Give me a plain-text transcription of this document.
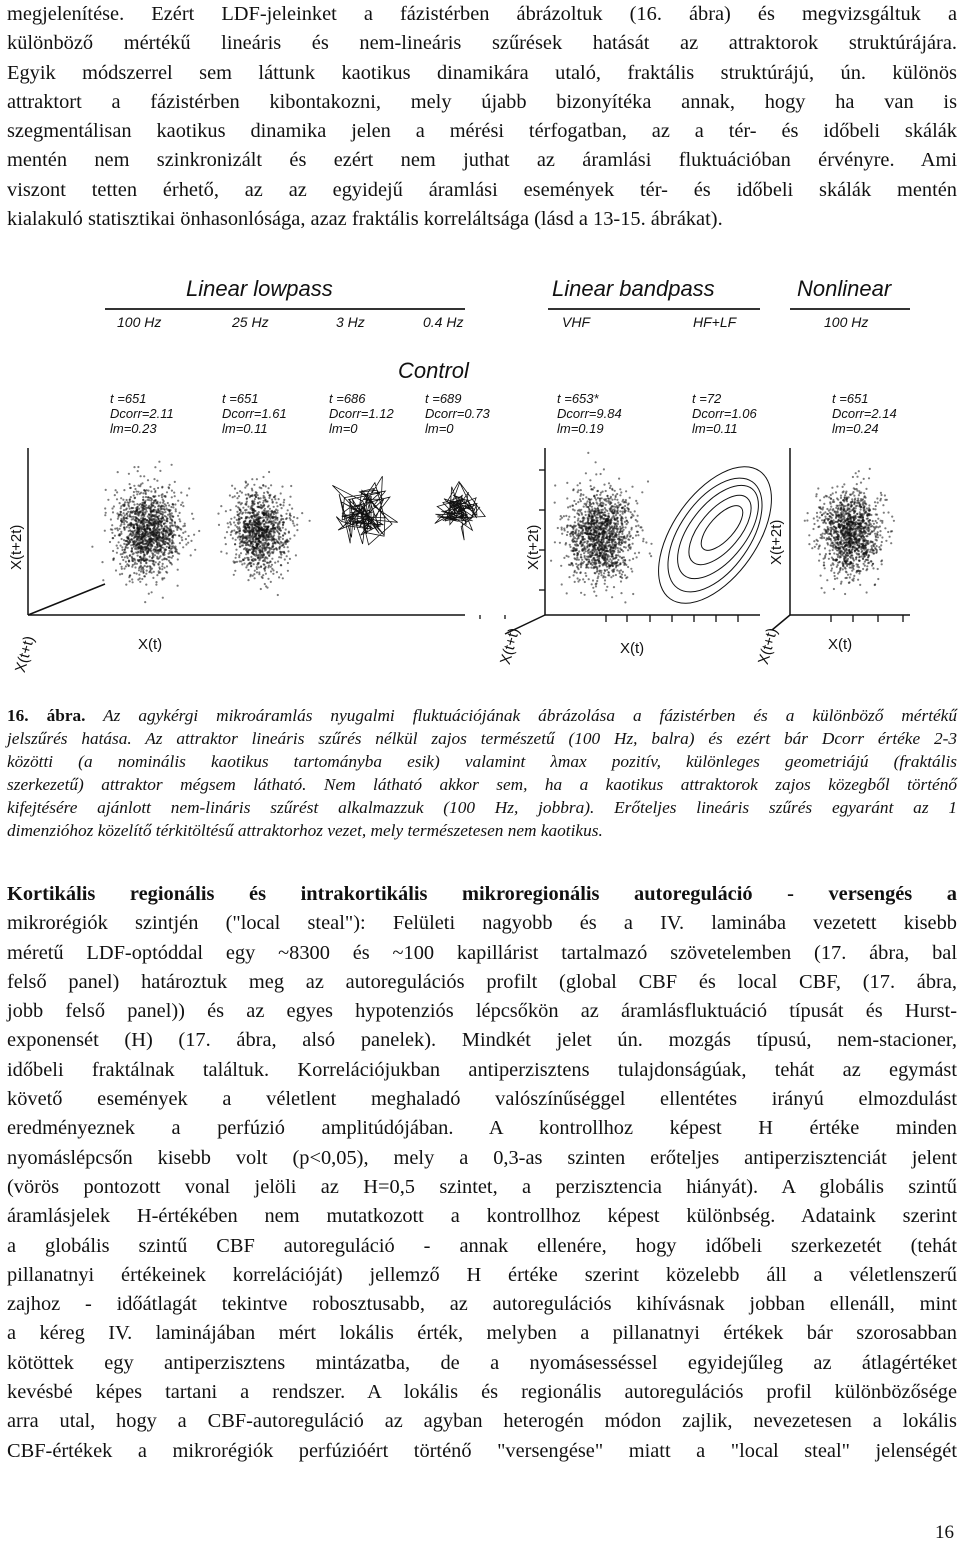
megjelenítése. Ezért LDF-jeleinket a fázistérben ábrázoltuk (16. ábra) és megvizsgáltuk a
különböző mértékű lineáris és nem-lineáris szűrések hatását az attraktorok struktúrájára.
Egyik módszerrel sem láttunk kaotikus dinamikára utaló, fraktális struktúrájú, ún. különös
attraktort a fázistérben kibontakozni, mely újabb bizonyítéka annak, hogy ha van is
szegmentálisan kaotikus dinamika jelen a mérési térfogatban, az a tér- és időbeli skálák
mentén nem szinkronizált és ezért nem juthat az áramlási fluktuációban érvényre. Ami
viszont tetten érhető, az az egyidejű áramlási események tér- és időbeli skálák mentén
kialakuló statisztikai önhasonlósága, azaz fraktális korreláltsága (lásd a 13-15. ábrákat).
Linear lowpass	Linear bandpass	Nonlinear
Control
100 Hz	25 Hz	3 Hz	0.4 Hz	VHF	HF+LF	100 Hz
t =651
Dcorr=2.11
lm=0.23
t =651
Dcorr=1.61
lm=0.11
t =686
Dcorr=1.12
lm=0
t =689
Dcorr=0.73
lm=0
t =653*
Dcorr=9.84
lm=0.19
t =72
Dcorr=1.06
lm=0.11
t =651
Dcorr=2.14
lm=0.24
X(t+2t)
X(t)
X(t+t)
X(t+2t)
X(t)
X(t+t)
X(t+2t)
X(t)
X(t+t)
16. ábra. Az agykérgi mikroáramlás nyugalmi fluktuációjának ábrázolása a fázistérben és a különböző mértékű
jelszűrés hatása. Az attraktor lineáris szűrés nélkül zajos természetű (100 Hz, balra) és ezért bár Dcorr értéke 2-3
közötti (a nominális kaotikus tartományba esik) valamint λmax pozitív, különleges geometriájú (fraktális
szerkezetű) attraktor mégsem látható. Nem látható akkor sem, ha a kaotikus attraktorok zajos közegből történő
kifejtésére ajánlott nem-lináris szűrést alkalmazzuk (100 Hz, jobbra). Erőteljes lineáris szűrés egyaránt az 1
dimenzióhoz közelítő térkitöltésű attraktorhoz vezet, mely természetesen nem kaotikus.
Kortikális regionális és intrakortikális mikroregionális autoreguláció - versengés a
mikrorégiók szintjén ("local steal"): Felületi nagyobb és a IV. laminába vezetett kisebb
méretű LDF-optóddal egy ~8300 és ~100 kapillárist tartalmazó szövetelemben (17. ábra, bal
felső panel) határoztuk meg az autoregulációs profilt (global CBF és local CBF, (17. ábra,
jobb felső panel)) és az egyes hypotenziós lépcsőkön az áramlásfluktuáció típusát és Hurst-
exponensét (H) (17. ábra, alsó panelek). Mindkét jelet ún. mozgás típusú, nem-stacioner,
időbeli fraktálnak találtuk. Korrelációjukban antiperzisztens tulajdonságúak, tehát az egymást
követő események a véletlent meghaladó valószínűséggel ellentétes irányú elmozdulást
eredményeznek a perfúzió amplitúdójában. A kontrollhoz képest H értéke minden
nyomáslépcsőn kisebb volt (p<0,05), mely a 0,3-as szinten erőteljes antiperzisztenciát jelent
(vörös pontozott vonal jelöli az H=0,5 szintet, a perzisztencia hiányát). A globális szintű
áramlásjelek H-értékében nem mutatkozott a kontrollhoz képest különbség. Adataink szerint
a globális szintű CBF autoreguláció - annak ellenére, hogy időbeli szerkezetét (tehát
pillanatnyi értékeinek korrelációját) jellemző H értéke szerint közelebb áll a véletlenszerű
zajhoz - időátlagát tekintve robosztusabb, az autoregulációs kihívásnak jobban ellenáll, mint
a kéreg IV. laminájában mért lokális érték, melyben a pillanatnyi értékek bár szorosabban
kötöttek egy antiperzisztens mintázatba, de a nyomásesséssel egyidejűleg az átlagértéket
kevésbé képes tartani a rendszer. A lokális és regionális autoregulációs profil különbözősége
arra utal, hogy a CBF-autoreguláció az agyban heterogén módon zajlik, nevezetesen a lokális
CBF-értékek a mikrorégiók perfúzióért történő "versengése" miatt a "local steal" jelenségét
16
